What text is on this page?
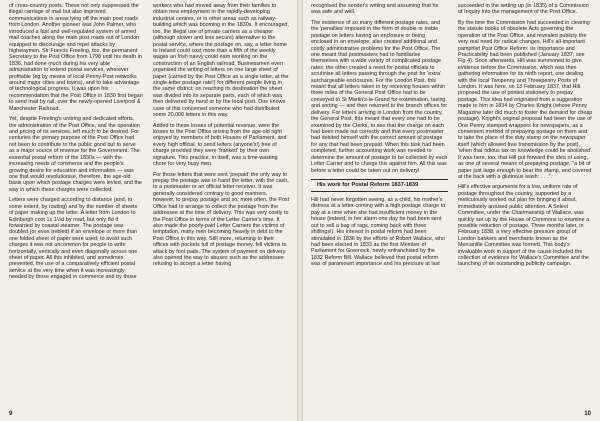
of cross-country posts. These not only suppressed the illegal carriage of mail but also improved communications in areas lying off the main post roads from London. Another pioneer was John Palmer, who introduced a fast and well-regulated system of armed mail coaches along the main post roads out of London equipped to discourage and repel attacks by highwaymen. Sir Francis Freeling, too, the permanent Secretary to the Post Office from 1798 until his death in 1836, had done much during his very able administration to extend postal services, wherever profitable (eg by means of local Penny-Post networks around major cities and towns), and to take advantage of technological progress. It was upon his recommendation that the Post Office in 1830 first began to send mail by rail, over the newly-opened Liverpool & Manchester Railroad.

Yet, despite Freeling's untiring and dedicated efforts, the administration of the Post Office, and the operation and pricing of its services, left much to be desired. For centuries the primary purpose of the Post Office had not been to contribute to the public good but to serve as a major source of revenue for the Government. The essential postal reform of the 1830s — with the increasing needs of commerce and the people's growing desire for education and information — was one that would revolutionise, therefore, the age-old basis upon which postage charges were levied, and the way in which these charges were collected.

Letters were charged according to distance (and, to some extent, by routing) and by the number of sheets of paper making up the letter. A letter from London to Edinburgh cost 1s 1½d by road, but only 8d if forwarded by coastal steamer. The postage was doubled (or even trebled) if an envelope or more than one folded sheet of paper were used; to avoid such charges it was not uncommon for people to write horizontally, vertically and even diagonally across one sheet of paper. All this inhibited, and sometimes prevented, the use of a comparatively efficient postal service at the very time when it was increasingly needed by those engaged in commerce and by those

workers who had moved away from their families to obtain new employment in the rapidly-developing industrial centres, or in other areas such as railway-building which was booming in the 1830s. It encouraged, too, the illegal use of private carriers as a cheaper (although slower and less secure) alternative to the postal service, where the postage on, say, a letter home to Ireland could cost more than a fifth of the weekly wages an Irish navvy could earn working on the construction of an English railroad. Businessmen even organised the writing of letters on one large sheet of paper (carried by the Post Office as a single letter, at the single-letter postage rate!) for different people living in the same district; on reaching its destination the sheet was divided into its separate parts, each of which was then delivered by hand or by the local post. One known case of this concerned someone who had distributed some 20,000 letters in this way.

Added to these losses of potential revenue, were the losses to the Post Office arising from the age-old right enjoyed by members of both Houses of Parliament, and every high official, to send letters (anyone's!) free of charge provided they were 'franked' by their own signature. This practice, in itself, was a time-wasting chore for very busy men.

For those letters that were sent 'prepaid' the only way to prepay the postage was to hand the letter, with the cash, to a postmaster or an official letter-receiver. It was generally considered contrary to good manners, however, to prepay postage and so, more often, the Post Office had to arrange to collect the postage from the addressee at the time of delivery. This was very costly to the Post Office in terms of the Letter Carrier's time. It also made the poorly-paid Letter Carriers the victims of temptation, many men becoming heavily in debt to the Post Office in this way. Still more, returning to their offices with pockets full of postage money, fell victims to attack by foot pads. The system of payment on delivery also opened the way to abuses such as the addressee refusing to accept a letter having

9

recognised the sender's writing and assuming that he was safe and well.

The existence of so many different postage rates, and the 'penalties' imposed in the form of double or treble postage on letters having an enclosure or being enclosed in an envelope, also created additional and costly administrative problems for the Post Office. The one meant that postmasters had to familiarise themselves with a wide variety of complicated postage rates; the other created a need for postal officials to scrutinise all letters passing through the post for 'extra' surchargeable enclosures. For the London Post, this meant that all letters taken in by receiving houses within three miles of the General Post Office had to be conveyed to St Martin's-le-Grand for examination, taxing and sorting — and then returned to the branch offices for delivery. For letters arriving in London from the country, the General Post, this meant that every one had to be examined by the Clerks, to see that the charge on each had been made out correctly and that every postmaster had debited himself with the correct amount of postage for any that had been prepaid. When this task had been completed, further accounting work was needed to determine the amount of postage to be collected by each Letter Carrier and to charge this against him. All this was before a letter could be taken out on delivery!

His work for Postal Reform 1837-1839

Hill had never forgotten seeing, as a child, his mother's distress at a letter coming with a high postage charge to pay at a time when she had insufficient money in the house (indeed, in her alarm one day he had been sent out to sell a bag of rags, coming back with three shillings!). His interest in postal reform had been stimulated in 1836 by the efforts of Robert Wallace, who had been elected in 1833 as the first Member of Parliament for Greenock, newly enfranchised by the 1832 Reform Bill. Wallace believed that postal reform was of paramount importance and his pressure at last

succeeded in the setting up (in 1835) of a Commission of Inquiry into the management of the Post Office.

By the time the Commission had succeeded in clearing the statute books of obsolete Acts governing the operation of the Post Office, and revealed publicly the very real need for radical changes, Hill's all-important pamphlet Post Office Reform: its Importance and Practicability had been published (January 1837; see Fig 4). Soon afterwards, Hill was summoned to give evidence before the Commission, which was then gathering information for its ninth report, one dealing with the local Twopenny and Threepenny Posts of London. It was here, on 13 February 1837, that Hill proposed the use of printed stationery to prepay postage. This idea had originated from a suggestion made to him in 1834 by Charles Knight (whose Penny Magazine later did much to foster the demand for cheap postage). Knight's original proposal had been the use of One Penny stamped wrappers for newspapers, as a convenient method of prepaying postage on them and to take the place of the duty stamp on the newspaper itself (which allowed free transmission by the post), 'when that odious tax on knowledge could be abolished'. It was here, too, that Hill put forward the idea of using, as one of several means of prepaying postage, "a bit of paper just large enough to bear the stamp, and covered at the back with a glutinous wash: . . .".

Hill's effective arguments for a low, uniform rate of postage throughout the country, supported by a meticulously worked out plan for bringing it about, immediately aroused public attention. A Select Committee, under the Chairmanship of Wallace, was quickly set up by the House of Commons to examine a possible reduction of postage. Three months later, in February 1838, a very effective pressure group of London bankers and merchants known as the Mercantile Committee was formed. This body's invaluable work in support of the cause included the collection of evidence for Wallace's Committee and the launching of an outstanding publicity campaign.

10
